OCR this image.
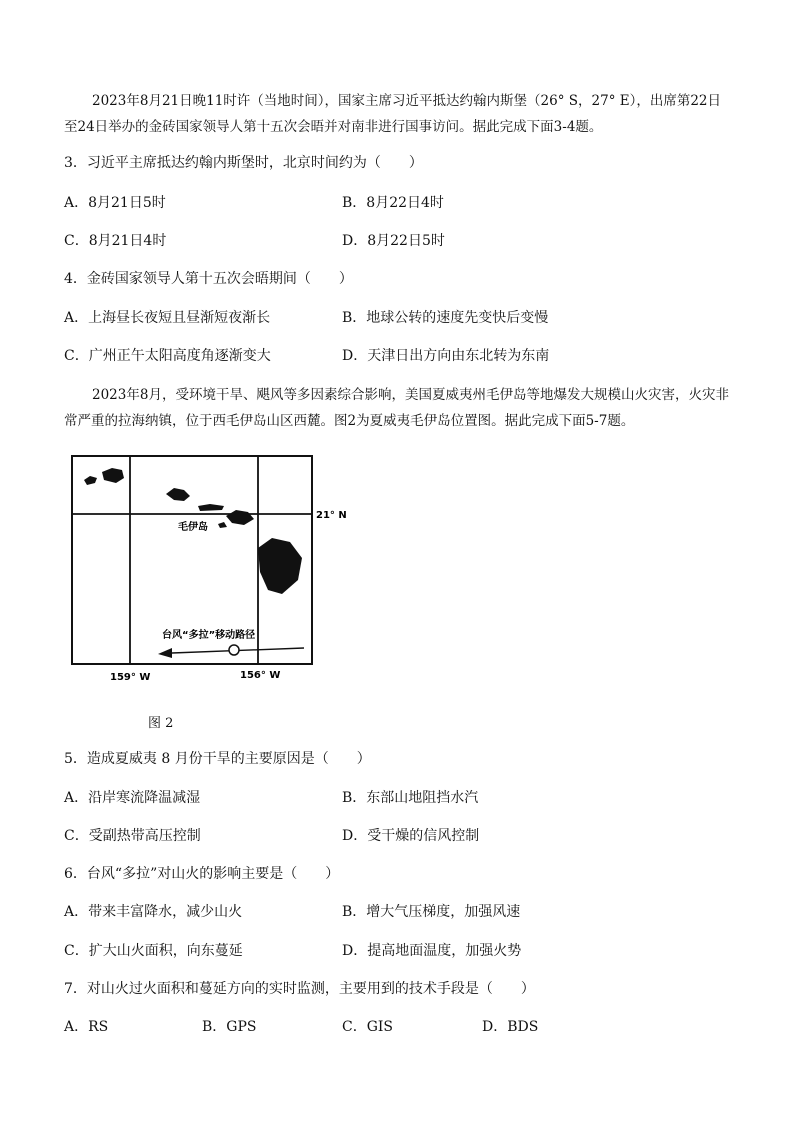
2023年8月21日晚11时许（当地时间），国家主席习近平抵达约翰内斯堡（26° S，27° E），出席第22日至24日举办的金砖国家领导人第十五次会晤并对南非进行国事访问。据此完成下面3-4题。
3．习近平主席抵达约翰内斯堡时，北京时间约为（　　）
A．8月21日5时	B．8月22日4时
C．8月21日4时	D．8月22日5时
4．金砖国家领导人第十五次会晤期间（　　）
A．上海昼长夜短且昼渐短夜渐长	B．地球公转的速度先变快后变慢
C．广州正午太阳高度角逐渐变大	D．天津日出方向由东北转为东南
2023年8月，受环境干旱、飓风等多因素综合影响，美国夏威夷州毛伊岛等地爆发大规模山火灾害，火灾非常严重的拉海纳镇，位于西毛伊岛山区西麓。图2为夏威夷毛伊岛位置图。据此完成下面5-7题。
毛伊岛
21° N
159° W	156° W
台风“多拉”移动路径
图 2
5．造成夏威夷 8 月份干旱的主要原因是（　　）
A．沿岸寒流降温减湿	B．东部山地阻挡水汽
C．受副热带高压控制	D．受干燥的信风控制
6．台风“多拉”对山火的影响主要是（　　）
A．带来丰富降水，减少山火	B．增大气压梯度，加强风速
C．扩大山火面积，向东蔓延	D．提高地面温度，加强火势
7．对山火过火面积和蔓延方向的实时监测，主要用到的技术手段是（　　）
A．RS	B．GPS	C．GIS	D．BDS
